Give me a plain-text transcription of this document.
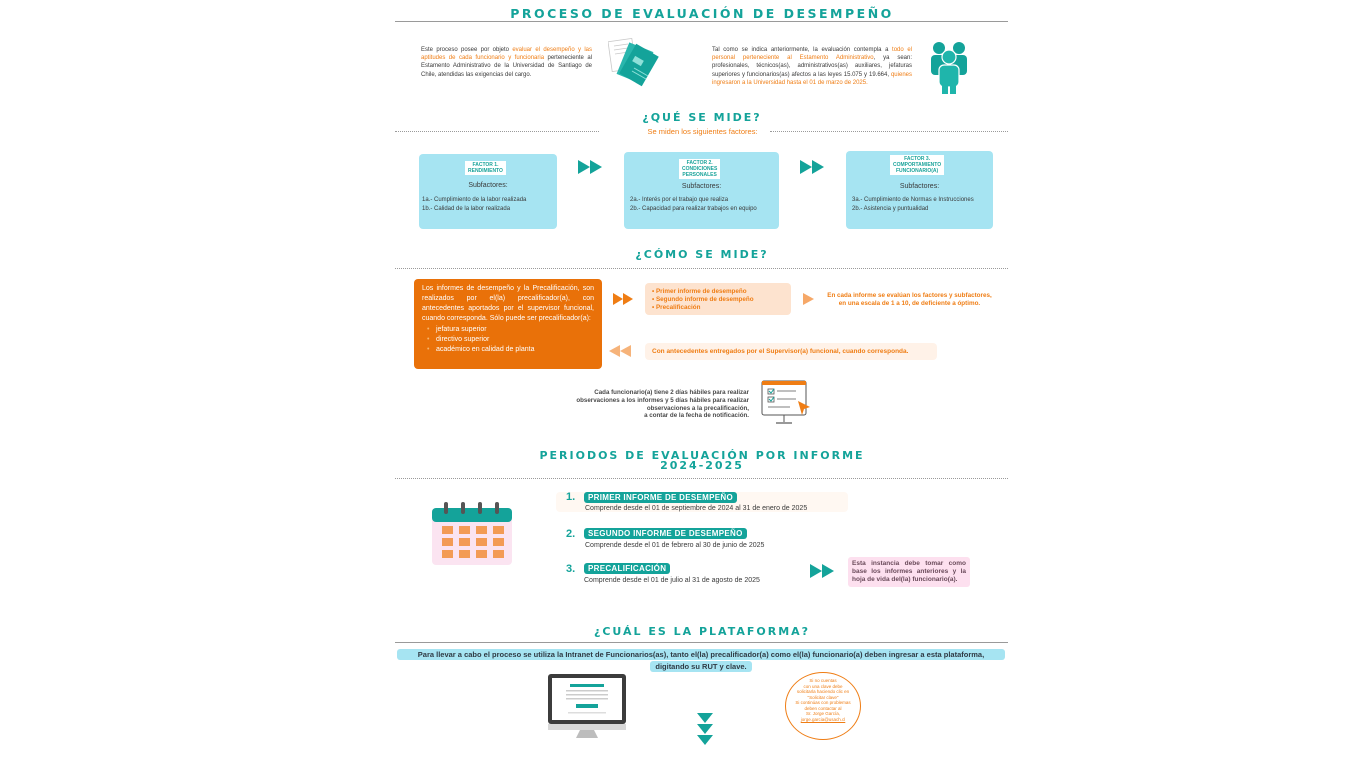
PROCESO DE EVALUACIÓN DE DESEMPEÑO
Este proceso posee por objeto evaluar el desempeño y las aptitudes de cada funcionario y funcionaria perteneciente al Estamento Administrativo de la Universidad de Santiago de Chile, atendidas las exigencias del cargo.
Tal como se indica anteriormente, la evaluación contempla a todo el personal perteneciente al Estamento Administrativo, ya sean: profesionales, técnicos(as), administrativos(as) auxiliares, jefaturas superiores y funcionarios(as) afectos a las leyes 15.075 y 19.664, quienes ingresaron a la Universidad hasta el 01 de marzo de 2025.
¿QUÉ SE MIDE?
Se miden los siguientes factores:
FACTOR 1.
RENDIMIENTO
Subfactores:
1a.- Cumplimiento de la labor realizada
1b.- Calidad de la labor realizada
FACTOR 2.
CONDICIONES
PERSONALES
Subfactores:
2a.- Interés por el trabajo que realiza
2b.- Capacidad para realizar trabajos en equipo
FACTOR 3.
COMPORTAMIENTO
FUNCIONARIO(A)
Subfactores:
3a.- Cumplimiento de Normas e Instrucciones
2b.- Asistencia y puntualidad
¿CÓMO SE MIDE?
Los informes de desempeño y la Precalificación, son realizados por el(la) precalificador(a), con antecedentes aportados por el supervisor funcional, cuando corresponda. Sólo puede ser precalificador(a):
• jefatura superior
• directivo superior
• académico en calidad de planta
• Primer informe de desempeño
• Segundo informe de desempeño
• Precalificación
En cada informe se evalúan los factores y subfactores,
en una escala de 1 a 10, de deficiente a óptimo.
Con antecedentes entregados por el Supervisor(a) funcional, cuando corresponda.
Cada funcionario(a) tiene 2 días hábiles para realizar
observaciones a los informes y 5 días hábiles para realizar
observaciones a la precalificación,
a contar de la fecha de notificación.
PERIODOS DE EVALUACIÓN POR INFORME
2024-2025
1.	PRIMER INFORME DE DESEMPEÑO
Comprende desde el 01 de septiembre de 2024 al 31 de enero de 2025
2.	SEGUNDO INFORME DE DESEMPEÑO
Comprende desde el 01 de febrero al 30 de junio de 2025
3.	PRECALIFICACIÓN
Comprende desde el 01 de julio al 31 de agosto de 2025
Esta instancia debe tomar como base los informes anteriores y la hoja de vida del(la) funcionario(a).
¿CUÁL ES LA PLATAFORMA?
Para llevar a cabo el proceso se utiliza la Intranet de Funcionarios(as), tanto el(la) precalificador(a) como el(la) funcionario(a) deben ingresar a esta plataforma,
digitando su RUT y clave.
Si no cuentas
con una clave debe
solicitarla haciendo clic en
"Solicitar clave"
Si continúas con problemas
deben contactar al
Sr. Jorge García,
jorge.garcia@usach.cl
